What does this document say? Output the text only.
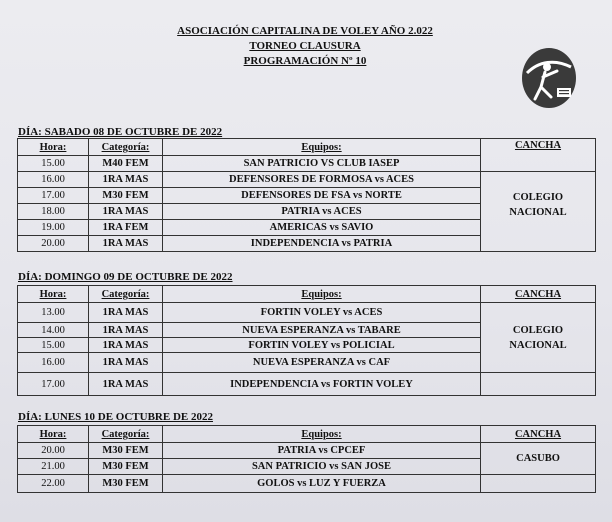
ASOCIACIÓN CAPITALINA DE VOLEY AÑO 2.022
TORNEO CLAUSURA
PROGRAMACIÓN Nº 10
DÍA: SABADO 08 DE OCTUBRE DE 2022
Hora:	Categoría:	Equipos:	CANCHA
15.00	M40 FEM	SAN PATRICIO VS CLUB IASEP	
16.00	1RA MAS	DEFENSORES DE FORMOSA vs ACES	COLEGIO
NACIONAL

17.00	M30 FEM	DEFENSORES DE FSA vs NORTE	
18.00	1RA MAS	PATRIA vs ACES	
19.00	1RA FEM	AMERICAS vs SAVIO	
20.00	1RA MAS	INDEPENDENCIA vs PATRIA	
DÍA: DOMINGO 09 DE OCTUBRE DE 2022
Hora:	Categoría:	Equipos:	CANCHA
13.00	1RA MAS	FORTIN VOLEY vs ACES	COLEGIO
NACIONAL

14.00	1RA MAS	NUEVA ESPERANZA vs TABARE	
15.00	1RA MAS	FORTIN VOLEY vs POLICIAL	
16.00	1RA MAS	NUEVA ESPERANZA vs CAF	
17.00	1RA MAS	INDEPENDENCIA vs FORTIN VOLEY	
DÍA: LUNES 10 DE OCTUBRE DE 2022
Hora:	Categoría:	Equipos:	CANCHA
20.00	M30 FEM	PATRIA vs CPCEF	CASUBO

21.00	M30 FEM	SAN PATRICIO vs SAN JOSE	
22.00	M30 FEM	GOLOS vs LUZ Y FUERZA	
